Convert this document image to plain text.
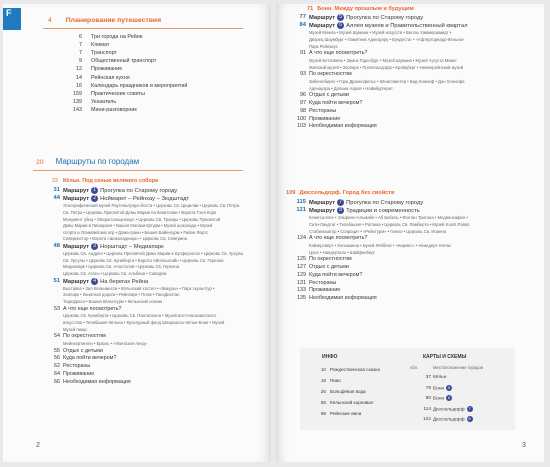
F
4 Планирование путешествия
6 Три города на Рейне
7 Климат
7 Транспорт
9 Общественный транспорт
12 Проживание
14 Рейнская кухня
16 Календарь праздников и мероприятий
159 Практические советы
139 Указатель
143 Мини-разговорник
20 Маршруты по городам
22 Кёльн. Под сенью великого собора
31 Маршрут 1 Прогулка по Старому городу
44 Маршрут 2 Ноймаркт – Рейнхау – Зюдштадт
Этнографический музей Раутенштраух-Йоста • Церковь Св. Цецилии • Церковь Св. Петра
Св. Петра • Церковь Пресвятой Девы Марии на Капитолии • Ворота Тэля Коре
Монумент убиц • Оверштольценхаус • Церковь Св. Троицы • Церковь Пресвятой
Девы Марии в Лискирхен • Башня Малахитфтурм • Музей шоколада • Музей
спорта и Олимпийских игр • Дома-гранн • Башня Байенгурм • Район Фортс
Северинстор • Ворота «Шоколадница» • Церковь Св. Северина
48 Маршрут 3 Норштадт – Медиапарк
Церковь Св. Андрея • Церковь Пресвятой Девы Марии в Купфергассе • Церковь Св. Урсулы
Св. Урсулы • Церковь Св. Куниберта • Ворота Айгельштайн • Церковь Св. Гереона
Медиапарк • Церковь Св. Апостолов • Церковь Св. Гереона
Церковь Св. Агаты • Церковь Св. Альбана • Саводом
51 Маршрут 4 На берегах Рейна
Выставка • Зал Кёльнмесси • Кёльнский хостел • «Жмуры» • Парк скульптур •
Зоопарк • Канатная дорога • Рейнпарк • Пляж • Танцфонтан
Тацефрасн • Башня Кёльнтурм • Кёльнский хозяин
53 А что еще посмотреть?
Церковь Св. Куниберта • Церковь Св. Панталеона • Музей восточноазиатского
искусства • Телебашня Кёльна • Культурный фонд Шпаркассы Кёльн-Бонн • Музей
Музей пищи
54 По окрестностям
Мейнхертинген • Брюль • «Фантазия-ленд»
55 Отдых с детьми
56 Куда пойти вечером?
62 Рестораны
64 Проживание
66 Необходимая информация
2
71 Бонн. Между прошлым и будущим
77 Маршрут 5 Прогулка по Старому городу
84 Маршрут 6 Аллея музеев и Правительственный квартал
Музей Кёнига • Музей Шумана • Музей искусств • Виллы Хаммершмидт •
Дворец Шаумбург • Памятник Аденауэру • Бундестаг • «Афтерторнадо-Кёльна»
Парк Рейнзауз
91 А что еще посмотреть?
Музей Бетховена • Замок Годесбург • Музей Шумана • Музей Аугуста Макке
Женский музей • Зоопарк • Поппельсдорф • Кройцберг • Нижнерейнский музей
93 По окрестностям
Зибенгебирге • Гора Драхенфельс • Кёнигсвинтер • Бад-Хоннеф • Дон Хоннефа
Аденауэра • Долина Ааров • Ноймбургерит
96 Отдых с детьми
97 Куда пойти вечером?
98 Рестораны
100 Проживание
103 Необходимая информация
109 Дюссельдорф. Город без свойств
115 Маршрут 7 Прогулка по Старому городу
121 Маршрут 8 Традиции и современность
Кенигсаллее • Эльфенн-Альмайн • Аб Бабель • Фонтан Тритона • Медиенхафен •
Сити-Ландтаг • Телебашня • Ратонка • Церковь Св. Ламберта • Музей Kunst Palast
Стабилизатор • Сопроцит • «Рейнтурм» • Гинкго • Церковь Св. Иоанна
124 А что еще посмотреть?
Кайзерсверт • Хельманна • музей Лёббеке • «Кирмес» • Неандерт-пчёлы
Цонс • Нандерталь • Шайфенберг
125 По окрестностям
127 Отдых с детьми
129 Куда пойти вечером?
131 Рестораны
133 Проживание
135 Необходимая информация
3
ИНФО
10 Рождественская сказка
18 Пиво
26 Вольфёвая вода
58 Кёльнский карнавал
98 Рейнские вина
КАРТЫ И СХЕМЫ
обл.	Местоположение городов
37 Кёльн
78 Бонн 5
90 Бонн 6
114 Дюссельдорф 7
122 Дюссельдорф 8
